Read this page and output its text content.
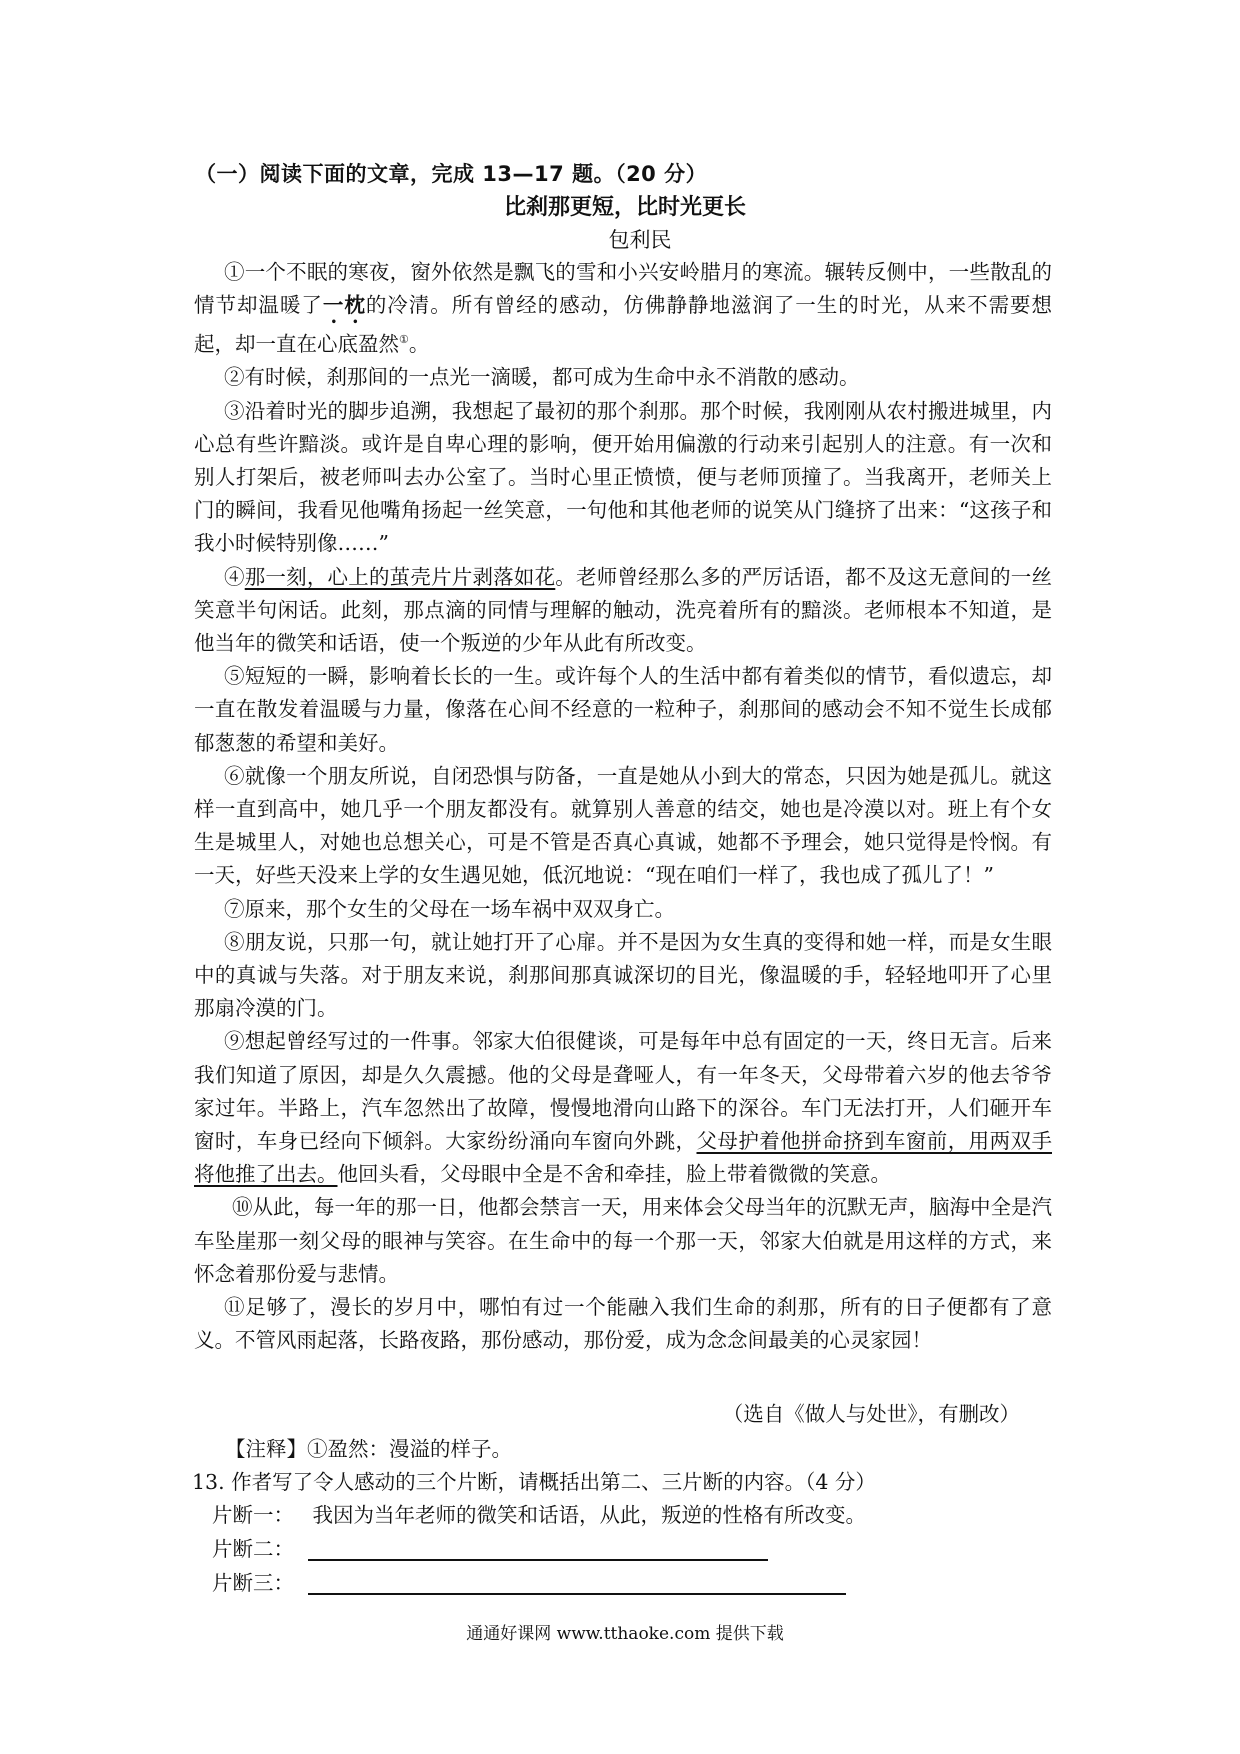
（一）阅读下面的文章，完成 13—17 题。（20 分）
比刹那更短，比时光更长
包利民

①一个不眠的寒夜，窗外依然是飘飞的雪和小兴安岭腊月的寒流。辗转反侧中，一些散乱的情节却温暖了一枕的冷清。所有曾经的感动，仿佛静静地滋润了一生的时光，从来不需要想起，却一直在心底盈然①。

②有时候，刹那间的一点光一滴暖，都可成为生命中永不消散的感动。

③沿着时光的脚步追溯，我想起了最初的那个刹那。那个时候，我刚刚从农村搬进城里，内心总有些许黯淡。或许是自卑心理的影响，便开始用偏激的行动来引起别人的注意。有一次和别人打架后，被老师叫去办公室了。当时心里正愤愤，便与老师顶撞了。当我离开，老师关上门的瞬间，我看见他嘴角扬起一丝笑意，一句他和其他老师的说笑从门缝挤了出来：“这孩子和我小时候特别像……”

④那一刻，心上的茧壳片片剥落如花。老师曾经那么多的严厉话语，都不及这无意间的一丝笑意半句闲话。此刻，那点滴的同情与理解的触动，洗亮着所有的黯淡。老师根本不知道，是他当年的微笑和话语，使一个叛逆的少年从此有所改变。

⑤短短的一瞬，影响着长长的一生。或许每个人的生活中都有着类似的情节，看似遗忘，却一直在散发着温暖与力量，像落在心间不经意的一粒种子，刹那间的感动会不知不觉生长成郁郁葱葱的希望和美好。

⑥就像一个朋友所说，自闭恐惧与防备，一直是她从小到大的常态，只因为她是孤儿。就这样一直到高中，她几乎一个朋友都没有。就算别人善意的结交，她也是冷漠以对。班上有个女生是城里人，对她也总想关心，可是不管是否真心真诚，她都不予理会，她只觉得是怜悯。有一天，好些天没来上学的女生遇见她，低沉地说：“现在咱们一样了，我也成了孤儿了！”

⑦原来，那个女生的父母在一场车祸中双双身亡。

⑧朋友说，只那一句，就让她打开了心扉。并不是因为女生真的变得和她一样，而是女生眼中的真诚与失落。对于朋友来说，刹那间那真诚深切的目光，像温暖的手，轻轻地叩开了心里那扇冷漠的门。

⑨想起曾经写过的一件事。邻家大伯很健谈，可是每年中总有固定的一天，终日无言。后来我们知道了原因，却是久久震撼。他的父母是聋哑人，有一年冬天，父母带着六岁的他去爷爷家过年。半路上，汽车忽然出了故障，慢慢地滑向山路下的深谷。车门无法打开，人们砸开车窗时，车身已经向下倾斜。大家纷纷涌向车窗向外跳，父母护着他拼命挤到车窗前，用两双手将他推了出去。他回头看，父母眼中全是不舍和牵挂，脸上带着微微的笑意。

⑩从此，每一年的那一日，他都会禁言一天，用来体会父母当年的沉默无声，脑海中全是汽车坠崖那一刻父母的眼神与笑容。在生命中的每一个那一天，邻家大伯就是用这样的方式，来怀念着那份爱与悲情。

⑪足够了，漫长的岁月中，哪怕有过一个能融入我们生命的刹那，所有的日子便都有了意义。不管风雨起落，长路夜路，那份感动，那份爱，成为念念间最美的心灵家园！

（选自《做人与处世》，有删改）
【注释】①盈然：漫溢的样子。
13. 作者写了令人感动的三个片断，请概括出第二、三片断的内容。（4 分）
片断一： 我因为当年老师的微笑和话语，从此，叛逆的性格有所改变。
片断二：
片断三：
通通好课网 www.tthaoke.com 提供下载
